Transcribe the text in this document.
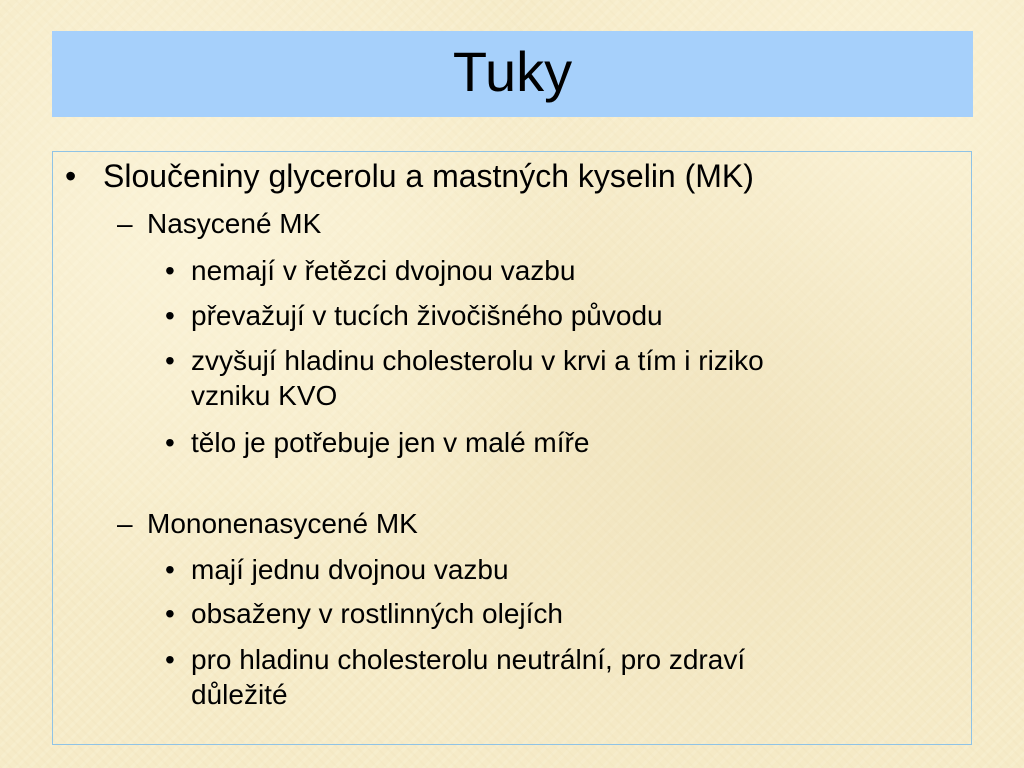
Tuky
• Sloučeniny glycerolu a mastných kyselin (MK)
– Nasycené MK
• nemají v řetězci dvojnou vazbu
• převažují v tucích živočišného původu
• zvyšují hladinu cholesterolu v krvi a tím i riziko
vzniku KVO
• tělo je potřebuje jen v malé míře
– Mononenasycené MK
• mají jednu dvojnou vazbu
• obsaženy v rostlinných olejích
• pro hladinu cholesterolu neutrální, pro zdraví
důležité
